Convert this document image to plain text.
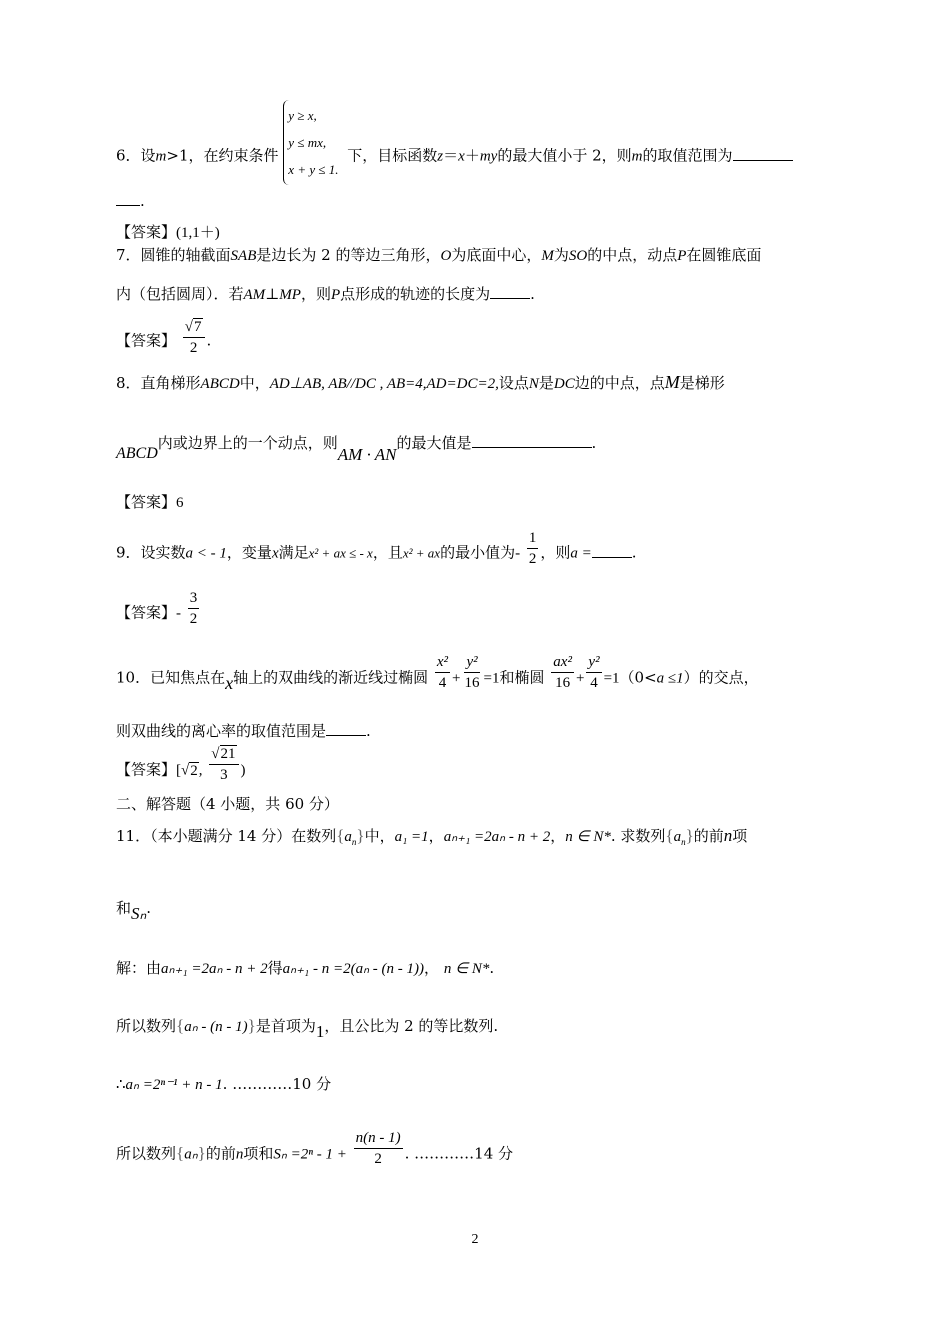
6．设m>1，在约束条件
y ≥ x,
y ≤ mx,
x + y ≤ 1.
下，目标函数z＝x＋my的最大值小于 2，则m的取值范围为
.
【答案】(1,1＋)
7．圆锥的轴截面SAB是边长为 2 的等边三角形，O为底面中心，M为SO的中点，动点P在圆锥底面
内（包括圆周）．若AM⊥MP，则P点形成的轨迹的长度为	.
【答案】 $\frac{√7}{2}$ .
8．直角梯形ABCD中，AD⊥AB, AB//DC , AB=4,AD=DC=2,设点N是DC边的中点，点M是梯形
ABCD内或边界上的一个动点，则AM · AN的最大值是	.
【答案】6
9．设实数a < - 1，变量x满足x² + ax ≤ - x，且x² + ax的最小值为- $\frac{1}{2}$ ，则a =	.
【答案】- $\frac{3}{2}$
10．已知焦点在x轴上的双曲线的渐近线过椭圆 $\frac{\text{x²}}{4} + \frac{\text{y²}}{16} =1$和椭圆 $\frac{\text{ax²}}{16} + \frac{\text{y²}}{4} =1(0<a \le 1)$的交点，
则双曲线的离心率的取值范围是	.
【答案】[√2, $\frac{√21}{3}$ )
二、解答题（4 小题，共 60 分）
11．（本小题满分 14 分）在数列$\{a_n\}$中，a₁ =1，aₙ₊₁ =2aₙ - n + 2，n ∈ N*. 求数列$\{a_n\}$的前n项
和Sₙ.
解：由aₙ₊₁ =2aₙ - n + 2得aₙ₊₁ - n =2(aₙ - (n - 1))， n ∈ N*.
所以数列{aₙ - (n - 1)}是首项为1，且公比为 2 的等比数列.
∴aₙ =2ⁿ⁻¹ + n - 1. …………10 分
所以数列{aₙ}的前n项和$S_n =2^n - 1 + \frac{n(n - 1)}{2}$ . …………14 分
2
